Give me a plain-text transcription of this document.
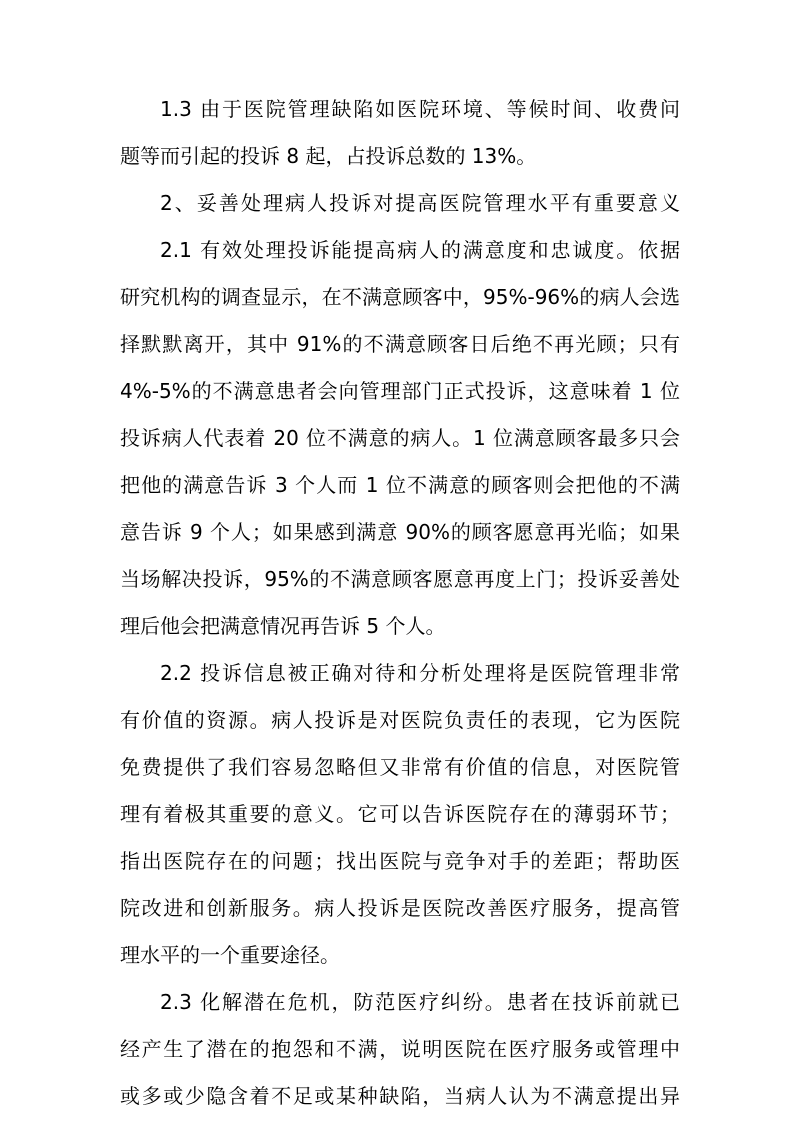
1.3 由于医院管理缺陷如医院环境、等候时间、收费问
题等而引起的投诉 8 起，占投诉总数的 13%。
2、妥善处理病人投诉对提高医院管理水平有重要意义
2.1 有效处理投诉能提高病人的满意度和忠诚度。依据
研究机构的调查显示，在不满意顾客中，95%-96%的病人会选
择默默离开，其中 91%的不满意顾客日后绝不再光顾；只有
4%-5%的不满意患者会向管理部门正式投诉，这意味着 1 位
投诉病人代表着 20 位不满意的病人。1 位满意顾客最多只会
把他的满意告诉 3 个人而 1 位不满意的顾客则会把他的不满
意告诉 9 个人；如果感到满意 90%的顾客愿意再光临；如果
当场解决投诉，95%的不满意顾客愿意再度上门；投诉妥善处
理后他会把满意情况再告诉 5 个人。
2.2 投诉信息被正确对待和分析处理将是医院管理非常
有价值的资源。病人投诉是对医院负责任的表现，它为医院
免费提供了我们容易忽略但又非常有价值的信息，对医院管
理有着极其重要的意义。它可以告诉医院存在的薄弱环节；
指出医院存在的问题；找出医院与竞争对手的差距；帮助医
院改进和创新服务。病人投诉是医院改善医疗服务，提高管
理水平的一个重要途径。
2.3 化解潜在危机，防范医疗纠纷。患者在技诉前就已
经产生了潜在的抱怨和不满，说明医院在医疗服务或管理中
或多或少隐含着不足或某种缺陷，当病人认为不满意提出异
